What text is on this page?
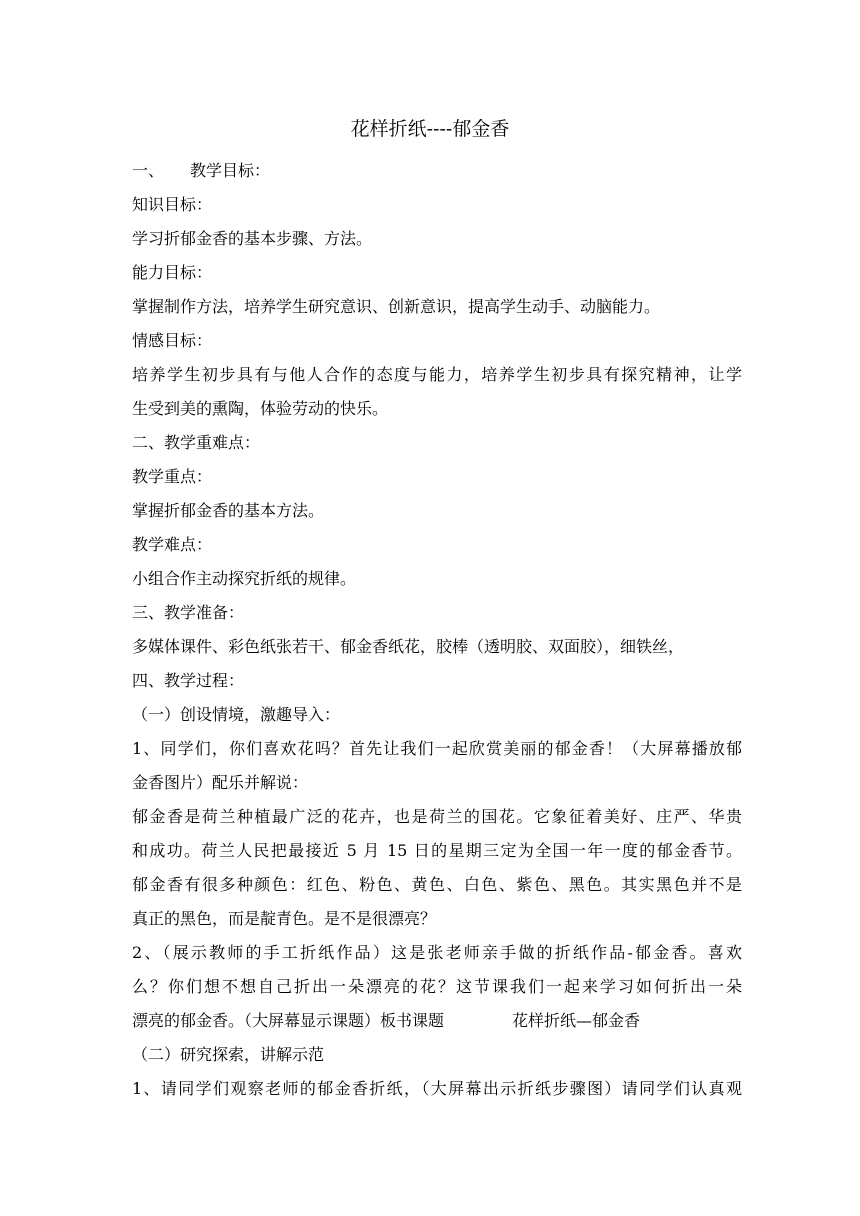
花样折纸----郁金香
一、 教学目标：
知识目标：
学习折郁金香的基本步骤、方法。
能力目标：
掌握制作方法，培养学生研究意识、创新意识，提高学生动手、动脑能力。
情感目标：
培养学生初步具有与他人合作的态度与能力，培养学生初步具有探究精神，让学
生受到美的熏陶，体验劳动的快乐。
二、教学重难点：
教学重点：
掌握折郁金香的基本方法。
教学难点：
小组合作主动探究折纸的规律。
三、教学准备：
多媒体课件、彩色纸张若干、郁金香纸花，胶棒（透明胶、双面胶），细铁丝，
四、教学过程：
（一）创设情境，激趣导入：
1、同学们，你们喜欢花吗？首先让我们一起欣赏美丽的郁金香！（大屏幕播放郁
金香图片）配乐并解说：
郁金香是荷兰种植最广泛的花卉，也是荷兰的国花。它象征着美好、庄严、华贵
和成功。荷兰人民把最接近 5 月 15 日的星期三定为全国一年一度的郁金香节。
郁金香有很多种颜色：红色、粉色、黄色、白色、紫色、黑色。其实黑色并不是
真正的黑色，而是靛青色。是不是很漂亮？
2、（展示教师的手工折纸作品）这是张老师亲手做的折纸作品-郁金香。喜欢
么？你们想不想自己折出一朵漂亮的花？这节课我们一起来学习如何折出一朵
漂亮的郁金香。（大屏幕显示课题）板书课题	花样折纸—郁金香
（二）研究探索，讲解示范
1、请同学们观察老师的郁金香折纸，（大屏幕出示折纸步骤图）请同学们认真观
